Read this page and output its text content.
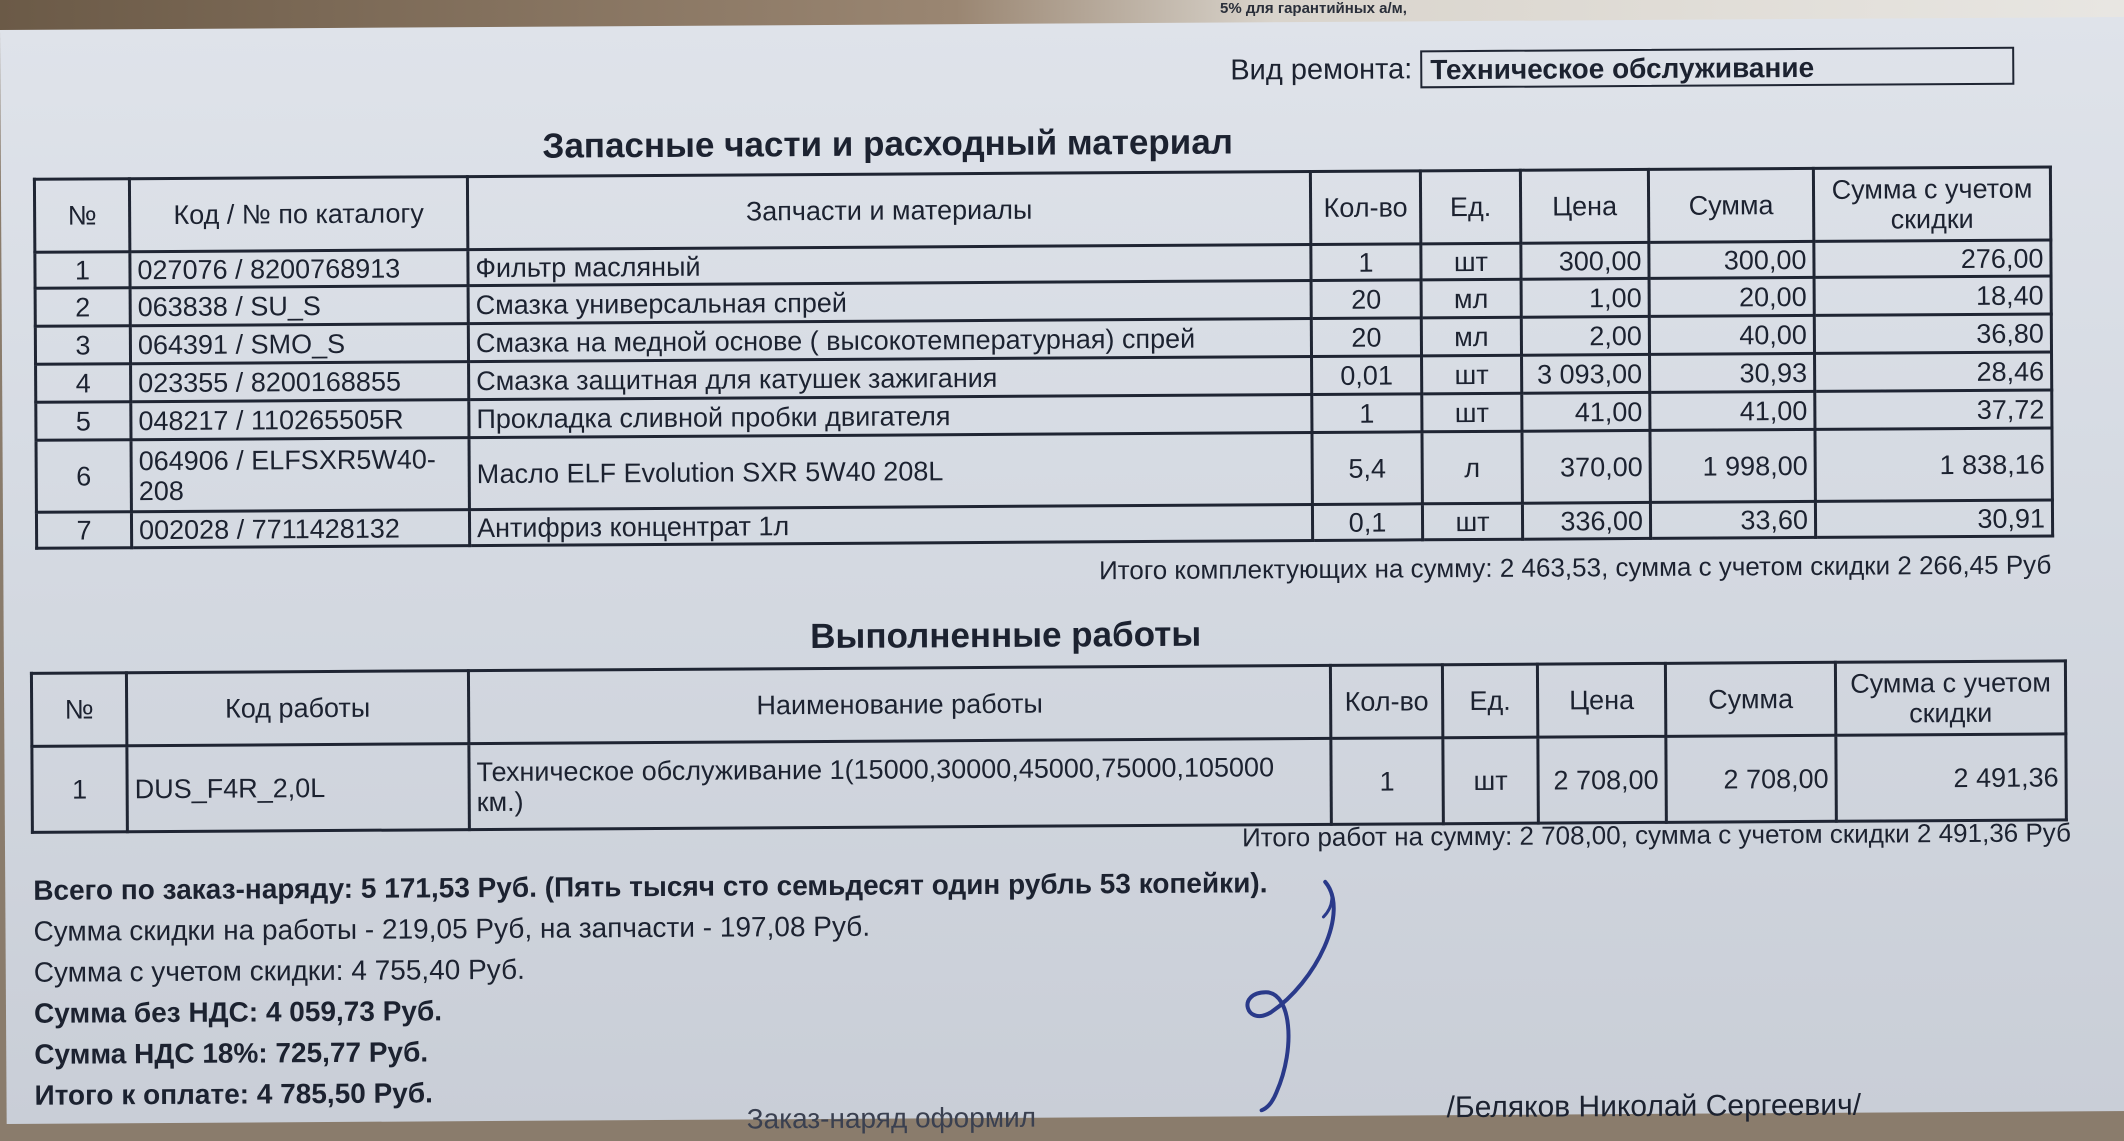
5% для гарантийных а/м,
Вид ремонта: Техническое обслуживание
Запасные части и расходный материал
№	Код / № по каталогу	Запчасти и материалы	Кол-во	Ед.	Цена	Сумма	Сумма с учетом скидки
1	027076 / 8200768913	Фильтр масляный	1	шт	300,00	300,00	276,00
2	063838 / SU_S	Смазка универсальная спрей	20	мл	1,00	20,00	18,40
3	064391 / SMO_S	Смазка на медной основе ( высокотемпературная) спрей	20	мл	2,00	40,00	36,80
4	023355 / 8200168855	Смазка защитная для катушек зажигания	0,01	шт	3 093,00	30,93	28,46
5	048217 / 110265505R	Прокладка сливной пробки двигателя	1	шт	41,00	41,00	37,72
6	064906 / ELFSXR5W40-208	Масло ELF Evolution SXR 5W40 208L	5,4	л	370,00	1 998,00	1 838,16
7	002028 / 7711428132	Антифриз концентрат 1л	0,1	шт	336,00	33,60	30,91
Итого комплектующих на сумму: 2 463,53, сумма с учетом скидки 2 266,45 Руб
Выполненные работы
№	Код работы	Наименование работы	Кол-во	Ед.	Цена	Сумма	Сумма с учетом скидки
1	DUS_F4R_2,0L	Техническое обслуживание 1(15000,30000,45000,75000,105000 км.)	1	шт	2 708,00	2 708,00	2 491,36
Итого работ на сумму: 2 708,00, сумма с учетом скидки 2 491,36 Руб
Всего по заказ-наряду: 5 171,53 Руб. (Пять тысяч сто семьдесят один рубль 53 копейки).
Сумма скидки на работы - 219,05 Руб, на запчасти - 197,08 Руб.
Сумма с учетом скидки: 4 755,40 Руб.
Сумма без НДС: 4 059,73 Руб.
Сумма НДС 18%: 725,77 Руб.
Итого к оплате: 4 785,50 Руб.
Заказ-наряд оформил	/Беляков Николай Сергеевич/
